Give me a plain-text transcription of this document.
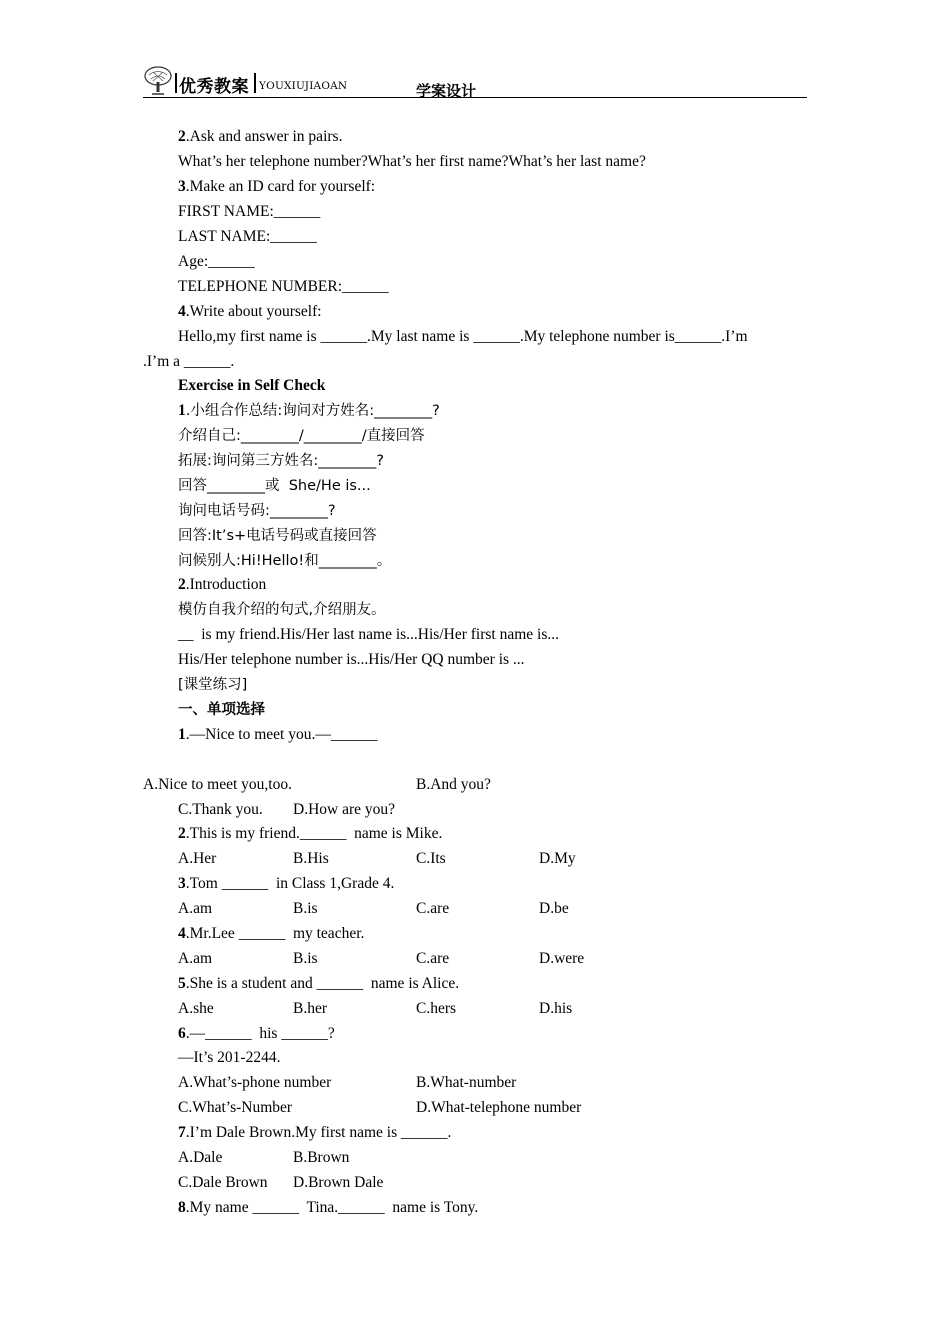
优秀教案 YOUXIUJIAOAN	学案设计
2.Ask and answer in pairs.
What’s her telephone number?What’s her first name?What’s her last name?
3.Make an ID card for yourself:
FIRST NAME:______
LAST NAME:______
Age:______
TELEPHONE NUMBER:______
4.Write about yourself:
Hello,my first name is ______.My last name is ______.My telephone number is______.I’m
.I’m a ______.
Exercise in Self Check
1.小组合作总结:询问对方姓名:________?
介绍自己:________/________/直接回答
拓展:询问第三方姓名:________?
回答________或  She/He is...
询问电话号码:________?
回答:It’s+电话号码或直接回答
问候别人:Hi!Hello!和________。
2.Introduction
模仿自我介绍的句式,介绍朋友。
__  is my friend.His/Her last name is...His/Her first name is...
His/Her telephone number is...His/Her QQ number is ...
[课堂练习]
一、单项选择
1.—Nice to meet you.—______
A.Nice to meet you,too.	B.And you?
C.Thank you. D.How are you?
2.This is my friend.______  name is Mike.
A.Her	B.His	C.Its	D.My
3.Tom ______  in Class 1,Grade 4.
A.am	B.is	C.are	D.be
4.Mr.Lee ______  my teacher.
A.am	B.is	C.are	D.were
5.She is a student and ______  name is Alice.
A.she	B.her	C.hers	D.his
6.—______  his ______?
—It’s 201-2244.
A.What’s-phone number	B.What-number
C.What’s-Number	D.What-telephone number
7.I’m Dale Brown.My first name is ______.
A.Dale	B.Brown
C.Dale Brown D.Brown Dale
8.My name ______  Tina.______  name is Tony.
